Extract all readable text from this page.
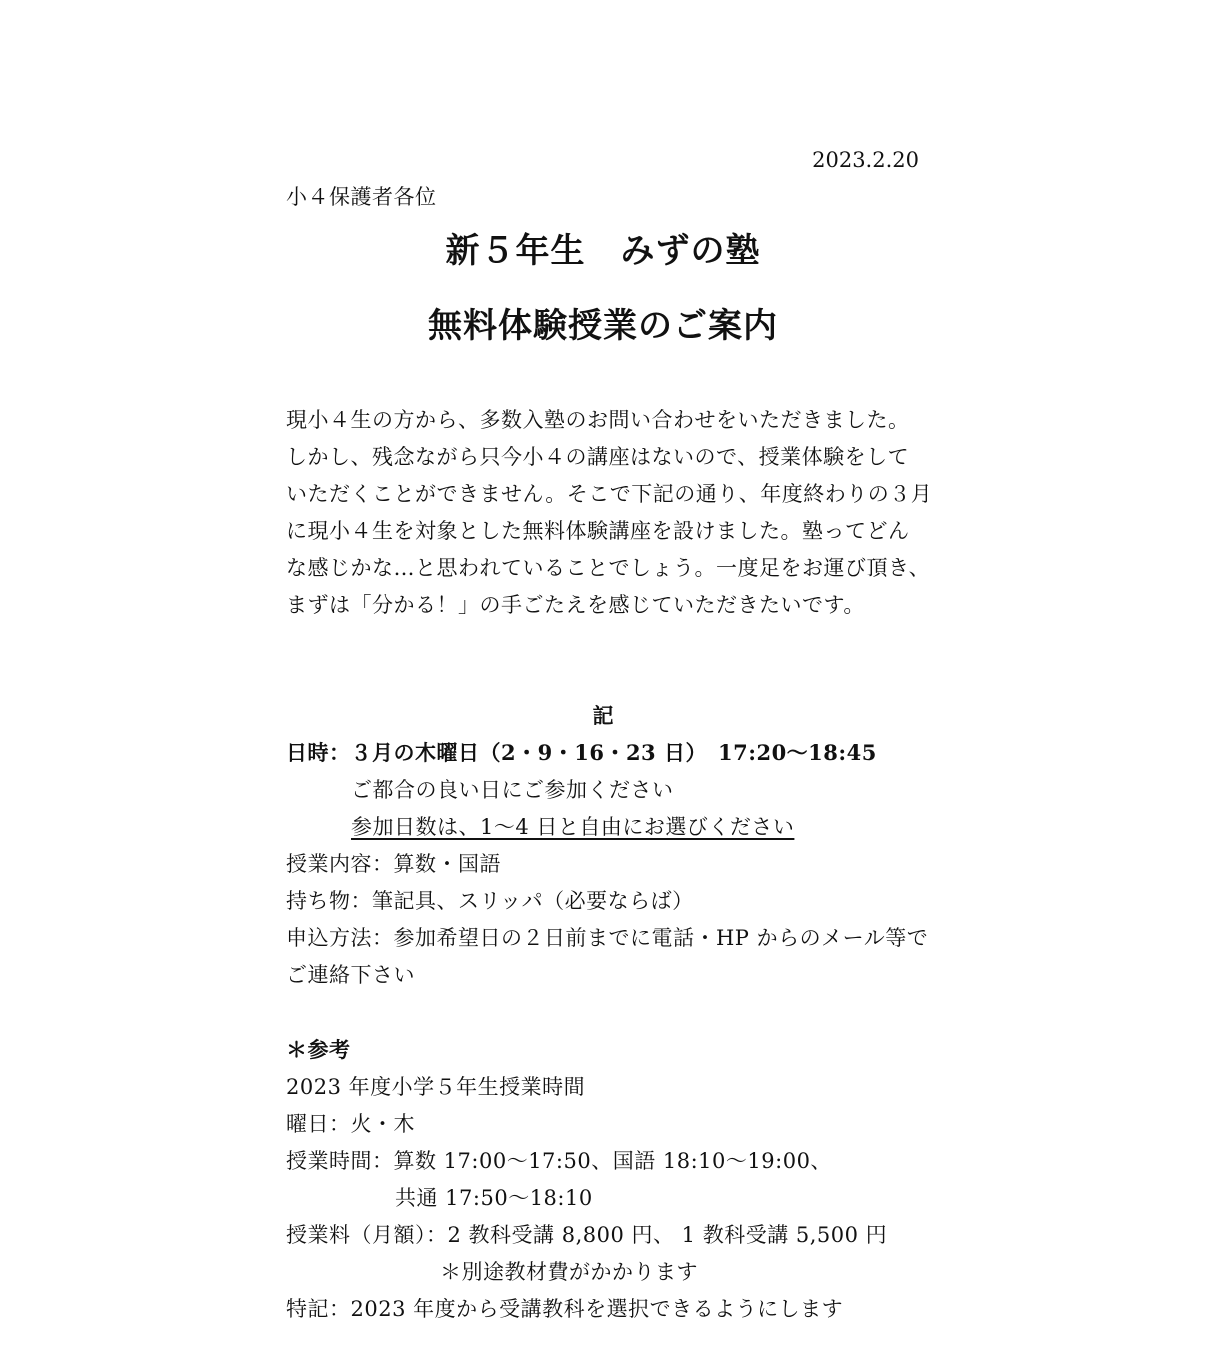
2023.2.20
小４保護者各位
新５年生　みずの塾
無料体験授業のご案内
現小４生の方から、多数入塾のお問い合わせをいただきました。
しかし、残念ながら只今小４の講座はないので、授業体験をして
いただくことができません。そこで下記の通り、年度終わりの３月
に現小４生を対象とした無料体験講座を設けました。塾ってどん
な感じかな…と思われていることでしょう。一度足をお運び頂き、
まずは「分かる！」の手ごたえを感じていただきたいです。
記
日時：３月の木曜日（2・9・16・23 日）　17:20〜18:45
ご都合の良い日にご参加ください
参加日数は、1〜4 日と自由にお選びください
授業内容：算数・国語
持ち物：筆記具、スリッパ（必要ならば）
申込方法：参加希望日の２日前までに電話・HP からのメール等で
ご連絡下さい
＊参考
2023 年度小学５年生授業時間
曜日：火・木
授業時間：算数 17:00〜17:50、国語 18:10〜19:00、
共通 17:50〜18:10
授業料（月額）：2 教科受講 8,800 円、 1 教科受講 5,500 円
＊別途教材費がかかります
特記：2023 年度から受講教科を選択できるようにします
